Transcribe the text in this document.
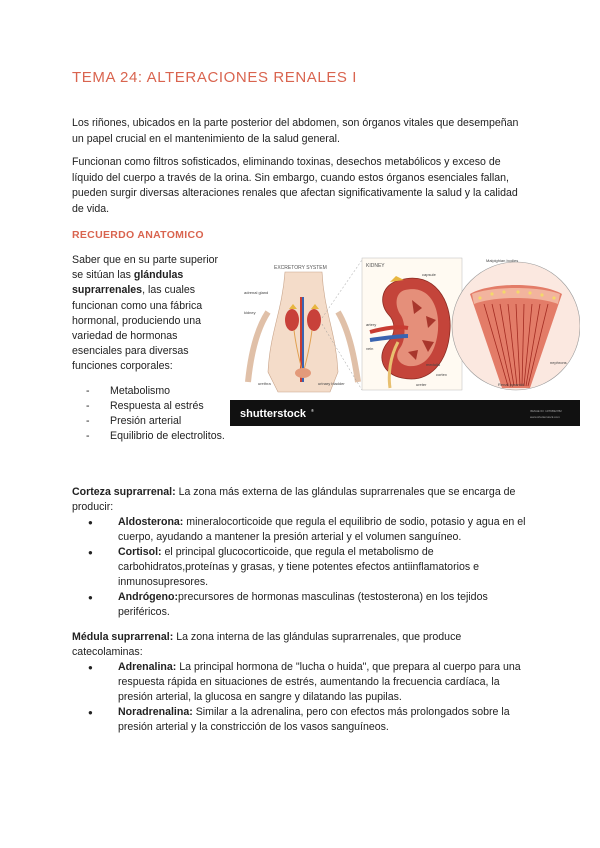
TEMA 24: ALTERACIONES RENALES I
Los riñones, ubicados en la parte posterior del abdomen, son órganos vitales que desempeñan un papel crucial en el mantenimiento de la salud general.
Funcionan como filtros sofisticados, eliminando toxinas, desechos metabólicos y exceso de líquido del cuerpo a través de la orina. Sin embargo, cuando estos órganos esenciales fallan, pueden surgir diversas alteraciones renales que afectan significativamente la salud y la calidad de vida.
RECUERDO ANATOMICO
Saber que en su parte superior se sitúan las glándulas suprarrenales, las cuales funcionan como una fábrica hormonal, produciendo una variedad de hormonas esenciales para diversas funciones corporales:
- Metabolismo
- Respuesta al estrés
- Presión arterial
- Equilibrio de electrolitos.
EXCRETORY SYSTEM
adrenal gland
kidney
urethra	urinary bladder
KIDNEY
medulla
cortex
ureter
vein
artery
capsule
Malpighian bodies
nephrons
Renal pyramid
shutterstock ®	IMAGE ID: 1079832782
www.shutterstock.com
Corteza suprarrenal: La zona más externa de las glándulas suprarrenales que se encarga de producir:
● Aldosterona: mineralocorticoide que regula el equilibrio de sodio, potasio y agua en el cuerpo, ayudando a mantener la presión arterial y el volumen sanguíneo.
● Cortisol: el principal glucocorticoide, que regula el metabolismo de carbohidratos,proteínas y grasas, y tiene potentes efectos antiinflamatorios e inmunosupresores.
● Andrógeno:precursores de hormonas masculinas (testosterona) en los tejidos periféricos.
Médula suprarrenal: La zona interna de las glándulas suprarrenales, que produce catecolaminas:
● Adrenalina: La principal hormona de "lucha o huida", que prepara al cuerpo para una respuesta rápida en situaciones de estrés, aumentando la frecuencia cardíaca, la presión arterial, la glucosa en sangre y dilatando las pupilas.
● Noradrenalina: Similar a la adrenalina, pero con efectos más prolongados sobre la presión arterial y la constricción de los vasos sanguíneos.
